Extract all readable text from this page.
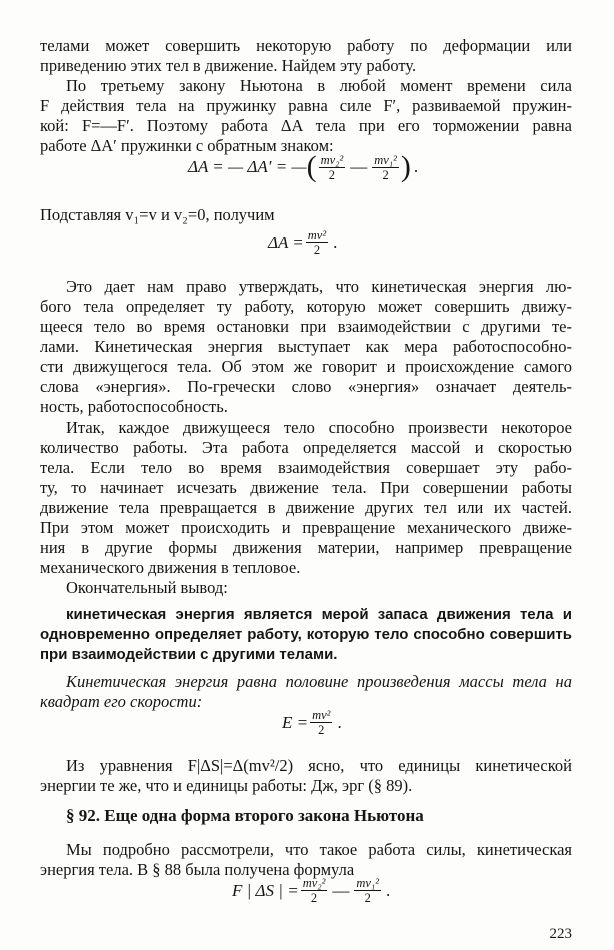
телами может совершить некоторую работу по деформации или
приведению этих тел в движение. Найдем эту работу.
По третьему закону Ньютона в любой момент времени сила
F действия тела на пружинку равна силе F′, развиваемой пружин-
кой: F=—F′. Поэтому работа ΔA тела при его торможении равна
работе ΔA′ пружинки с обратным знаком:
ΔA = — ΔA′ = — ( $\frac{\text{mv₂²}}{2}$ — $\frac{\text{mv₁²}}{2}$ ) .
Подставляя v₁=v и v₂=0, получим
$\Delta A = \frac{\text{mv²}}{2}$ .
Это дает нам право утверждать, что кинетическая энергия лю-
бого тела определяет ту работу, которую может совершить движу-
щееся тело во время остановки при взаимодействии с другими те-
лами. Кинетическая энергия выступает как мера работоспособно-
сти движущегося тела. Об этом же говорит и происхождение самого
слова «энергия». По-гречески слово «энергия» означает деятель-
ность, работоспособность.
Итак, каждое движущееся тело способно произвести некоторое
количество работы. Эта работа определяется массой и скоростью
тела. Если тело во время взаимодействия совершает эту рабо-
ту, то начинает исчезать движение тела. При совершении работы
движение тела превращается в движение других тел или их частей.
При этом может происходить и превращение механического движе-
ния в другие формы движения материи, например превращение
механического движения в тепловое.
Окончательный вывод:
кинетическая энергия является мерой запаса движения тела и
одновременно определяет работу, которую тело способно совершить
при взаимодействии с другими телами.
Кинетическая энергия равна половине произведения массы тела на
квадрат его скорости:
$E = \frac{\text{mv²}}{2}$ .
Из уравнения F|ΔS|=Δ(mv²/2) ясно, что единицы кинетической
энергии те же, что и единицы работы: Дж, эрг (§ 89).
§ 92. Еще одна форма второго закона Ньютона
Мы подробно рассмотрели, что такое работа силы, кинетическая
энергия тела. В § 88 была получена формула
F | ΔS | = $\frac{\text{mv₂²}}{2}$ — $\frac{\text{mv₁²}}{2}$ .
223
